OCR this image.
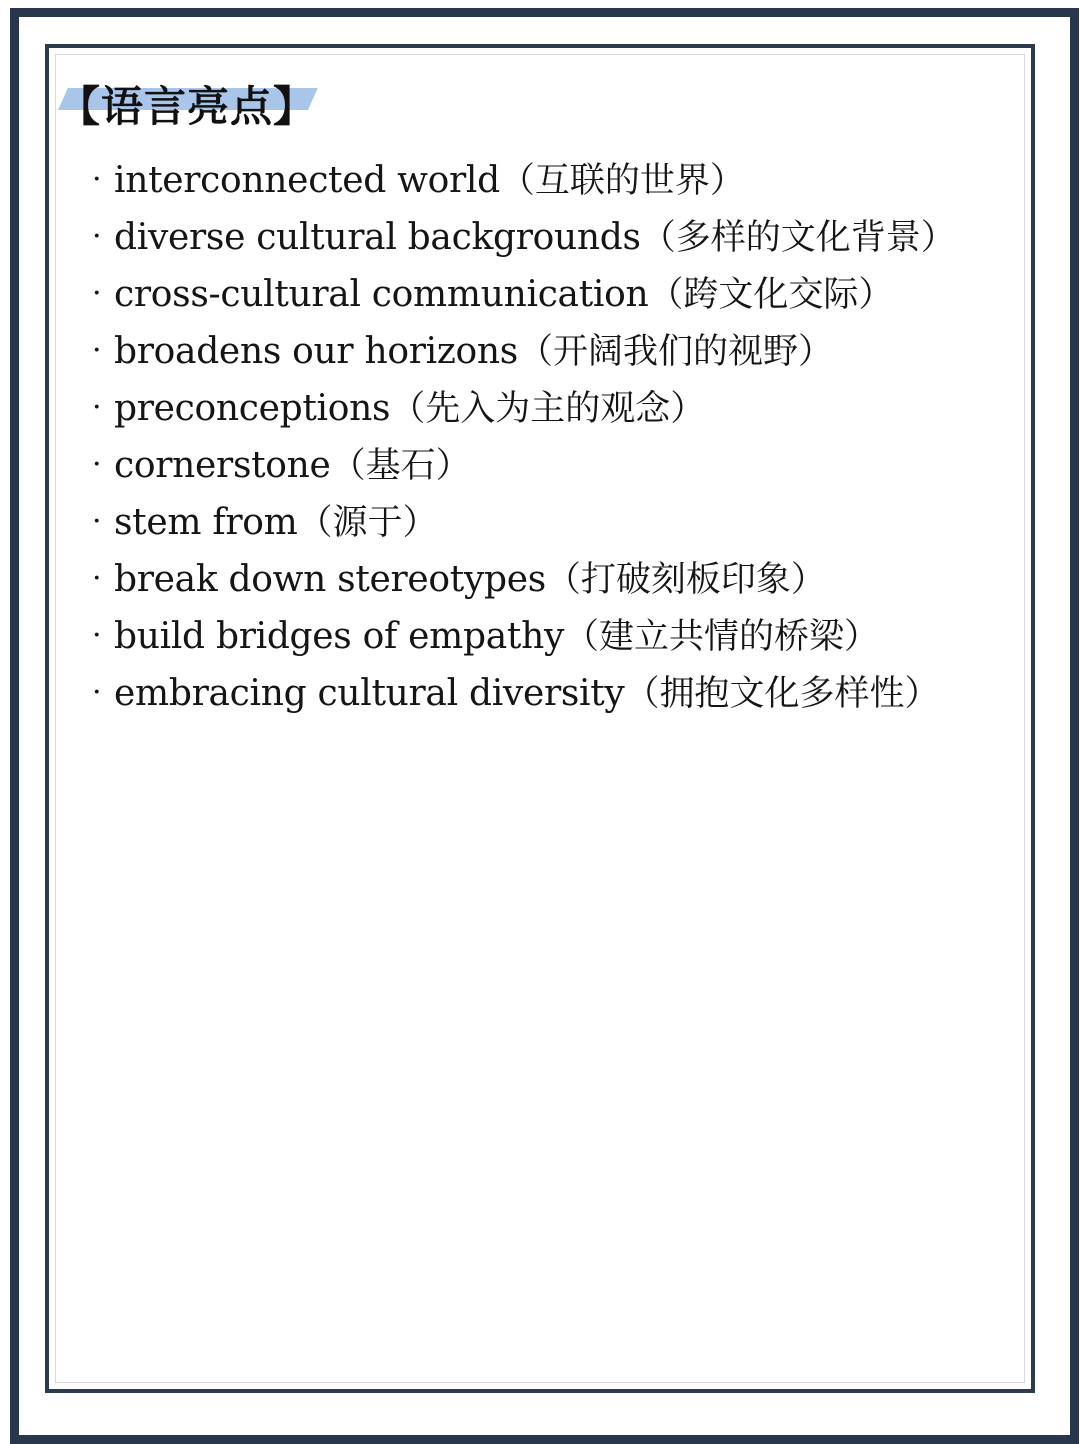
【语言亮点】
· interconnected world（互联的世界）
· diverse cultural backgrounds（多样的文化背景）
· cross-cultural communication（跨文化交际）
· broadens our horizons（开阔我们的视野）
· preconceptions（先入为主的观念）
· cornerstone（基石）
· stem from（源于）
· break down stereotypes（打破刻板印象）
· build bridges of empathy（建立共情的桥梁）
· embracing cultural diversity（拥抱文化多样性）
